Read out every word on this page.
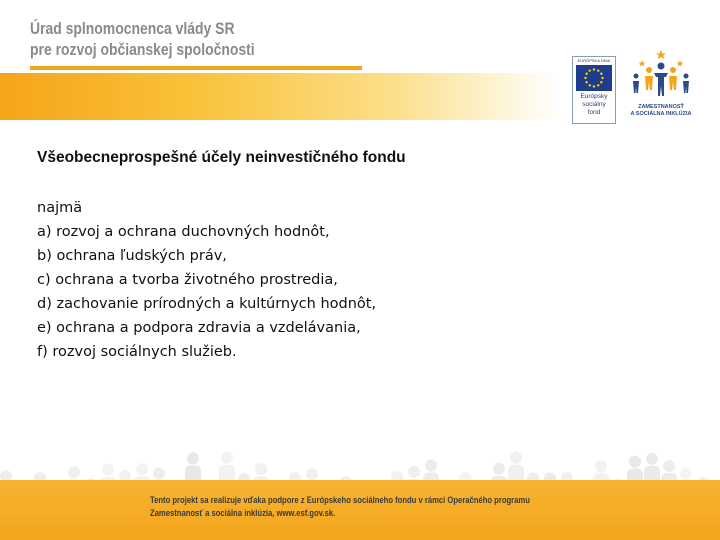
Úrad splnomocnenca vlády SR
pre rozvoj občianskej spoločnosti
EURÓPSKA ÚNIA
Európsky
sociálny
fond
ZAMESTNANOSŤ
A SOCIÁLNA INKLÚZIA
Všeobecneprospešné účely neinvestičného fondu
najmä
a) rozvoj a ochrana duchovných hodnôt,
b) ochrana ľudských práv,
c) ochrana a tvorba životného prostredia,
d) zachovanie prírodných a kultúrnych hodnôt,
e) ochrana a podpora zdravia a vzdelávania,
f) rozvoj sociálnych služieb.
Tento projekt sa realizuje vďaka podpore z Európskeho sociálneho fondu v rámci Operačného programu
Zamestnanosť a sociálna inklúzia, www.esf.gov.sk.
